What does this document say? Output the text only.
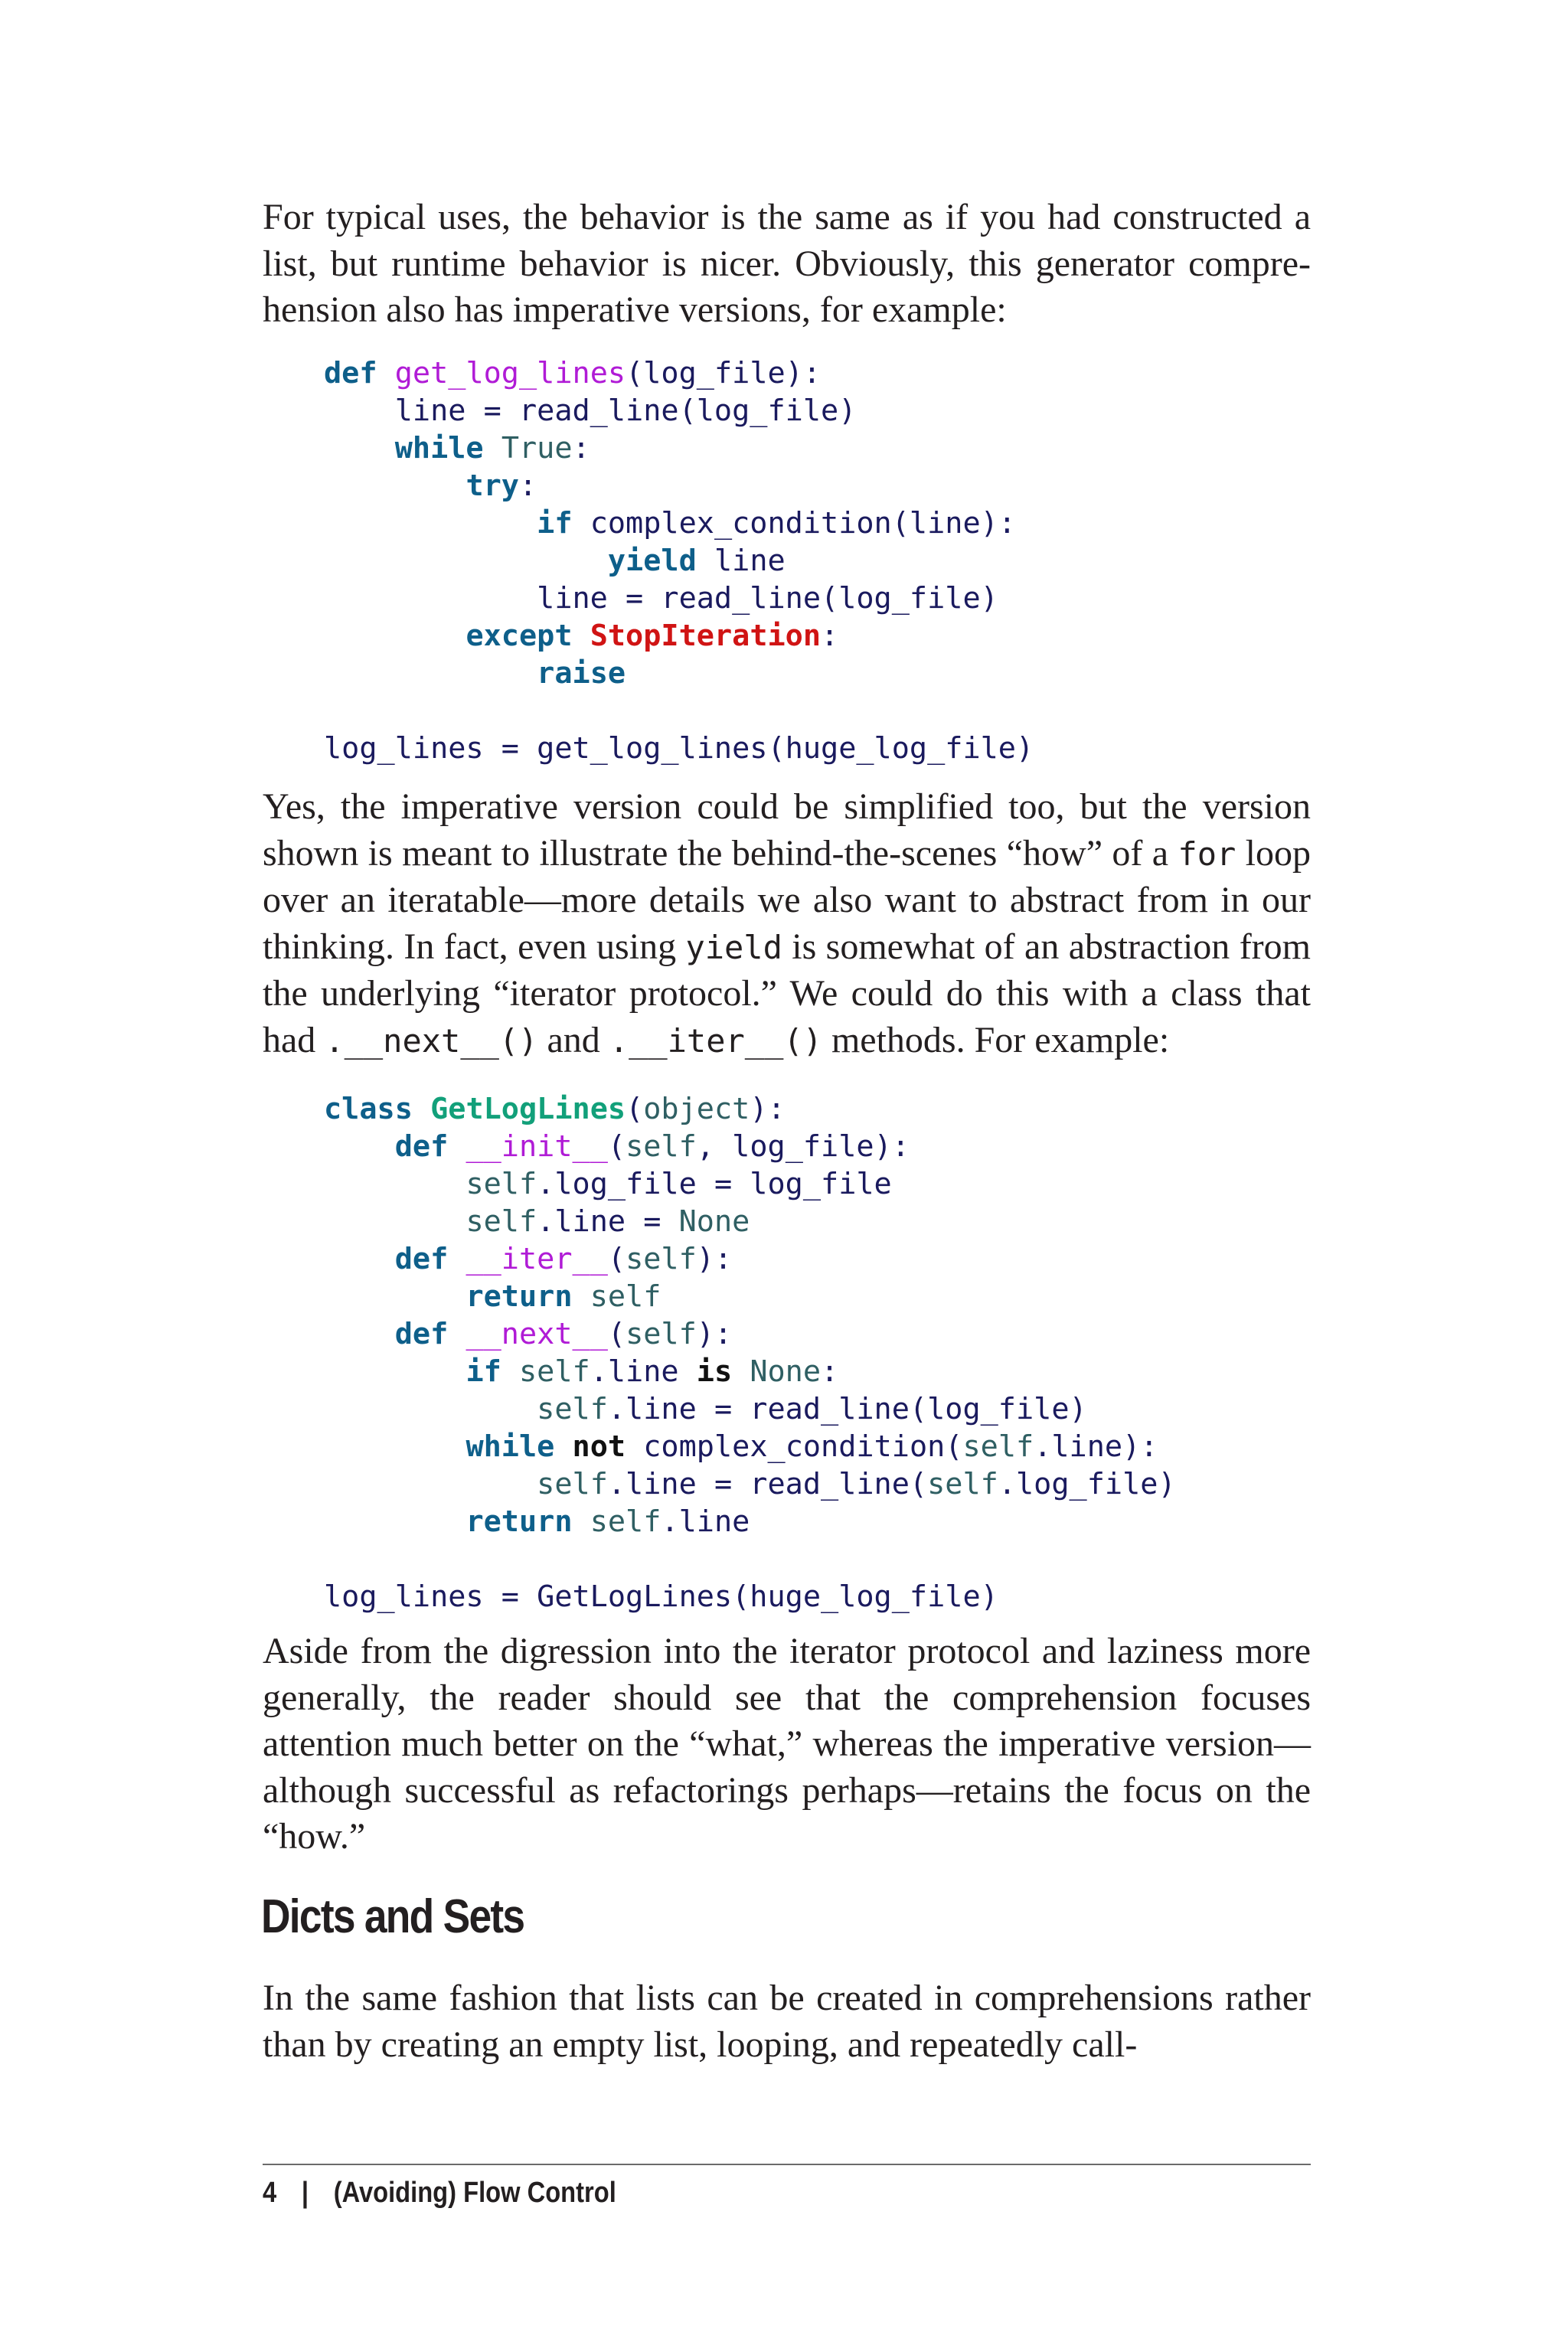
For typical uses, the behavior is the same as if you had constructed a list, but runtime behavior is nicer. Obviously, this generator comprehension also has imperative versions, for example:

def get_log_lines(log_file):
line = read_line(log_file)
while True:
try:
if complex_condition(line):
yield line
line = read_line(log_file)
except StopIteration:
raise
log_lines = get_log_lines(huge_log_file)

Yes, the imperative version could be simplified too, but the version shown is meant to illustrate the behind-the-scenes “how” of a for loop over an iteratable—more details we also want to abstract from in our thinking. In fact, even using yield is somewhat of an abstraction from the underlying “iterator protocol.” We could do this with a class that had .__next__() and .__iter__() methods. For example:

class GetLogLines(object):
def __init__(self, log_file):
self.log_file = log_file
self.line = None
def __iter__(self):
return self
def __next__(self):
if self.line is None:
self.line = read_line(log_file)
while not complex_condition(self.line):
self.line = read_line(self.log_file)
return self.line
log_lines = GetLogLines(huge_log_file)

Aside from the digression into the iterator protocol and laziness more generally, the reader should see that the comprehension focuses attention much better on the “what,” whereas the imperative version—although successful as refactorings perhaps—retains the focus on the “how.”

Dicts and Sets

In the same fashion that lists can be created in comprehensions rather than by creating an empty list, looping, and repeatedly call-

4 | (Avoiding) Flow Control
